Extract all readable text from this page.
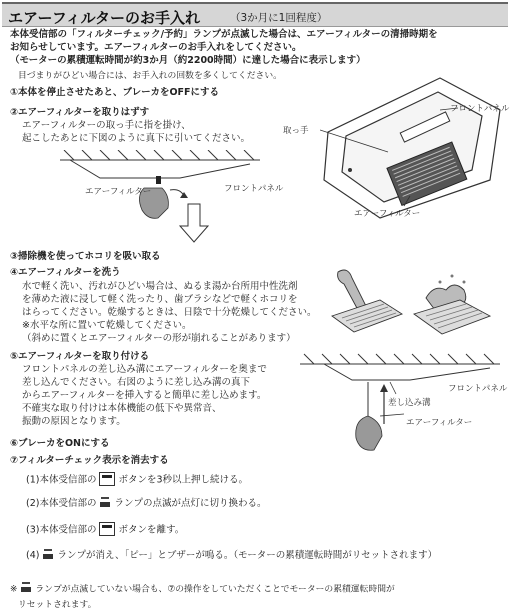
エアーフィルターのお手入れ	（3か月に1回程度）
本体受信部の「フィルターチェック/予約」ランプが点滅した場合は、エアーフィルターの清掃時期を
お知らせしています。エアーフィルターのお手入れをしてください。
（モーターの累積運転時間が約3か月（約2200時間）に達した場合に表示します）
目づまりがひどい場合には、お手入れの回数を多くしてください。
①本体を停止させたあと、ブレーカをOFFにする
②エアーフィルターを取りはずす
エアーフィルターの取っ手に指を掛け、
起こしたあとに下図のように真下に引いてください。
エアーフィルター	フロントパネル
取っ手
フロントパネル
エアーフィルター
③掃除機を使ってホコリを吸い取る
④エアーフィルターを洗う
水で軽く洗い、汚れがひどい場合は、ぬるま湯か台所用中性洗剤
を薄めた液に浸して軽く洗ったり、歯ブラシなどで軽くホコリを
はらってください。乾燥するときは、日陰で十分乾燥してください。
※水平な所に置いて乾燥してください。
（斜めに置くとエアーフィルターの形が崩れることがあります）
⑤エアーフィルターを取り付ける
フロントパネルの差し込み溝にエアーフィルターを奥まで
差し込んでください。右図のように差し込み溝の真下
からエアーフィルターを挿入すると簡単に差し込めます。
不確実な取り付けは本体機能の低下や異常音、
振動の原因となります。
フロントパネル
差し込み溝
エアーフィルター
⑥ブレーカをONにする
⑦フィルターチェック表示を消去する
(1)本体受信部の ボタンを3秒以上押し続ける。
(2)本体受信部の ランプの点滅が点灯に切り換わる。
(3)本体受信部の ボタンを離す。
(4) ランプが消え、「ピー」とブザーが鳴る。（モーターの累積運転時間がリセットされます）
※ ランプが点滅していない場合も、⑦の操作をしていただくことでモーターの累積運転時間が
リセットされます。
